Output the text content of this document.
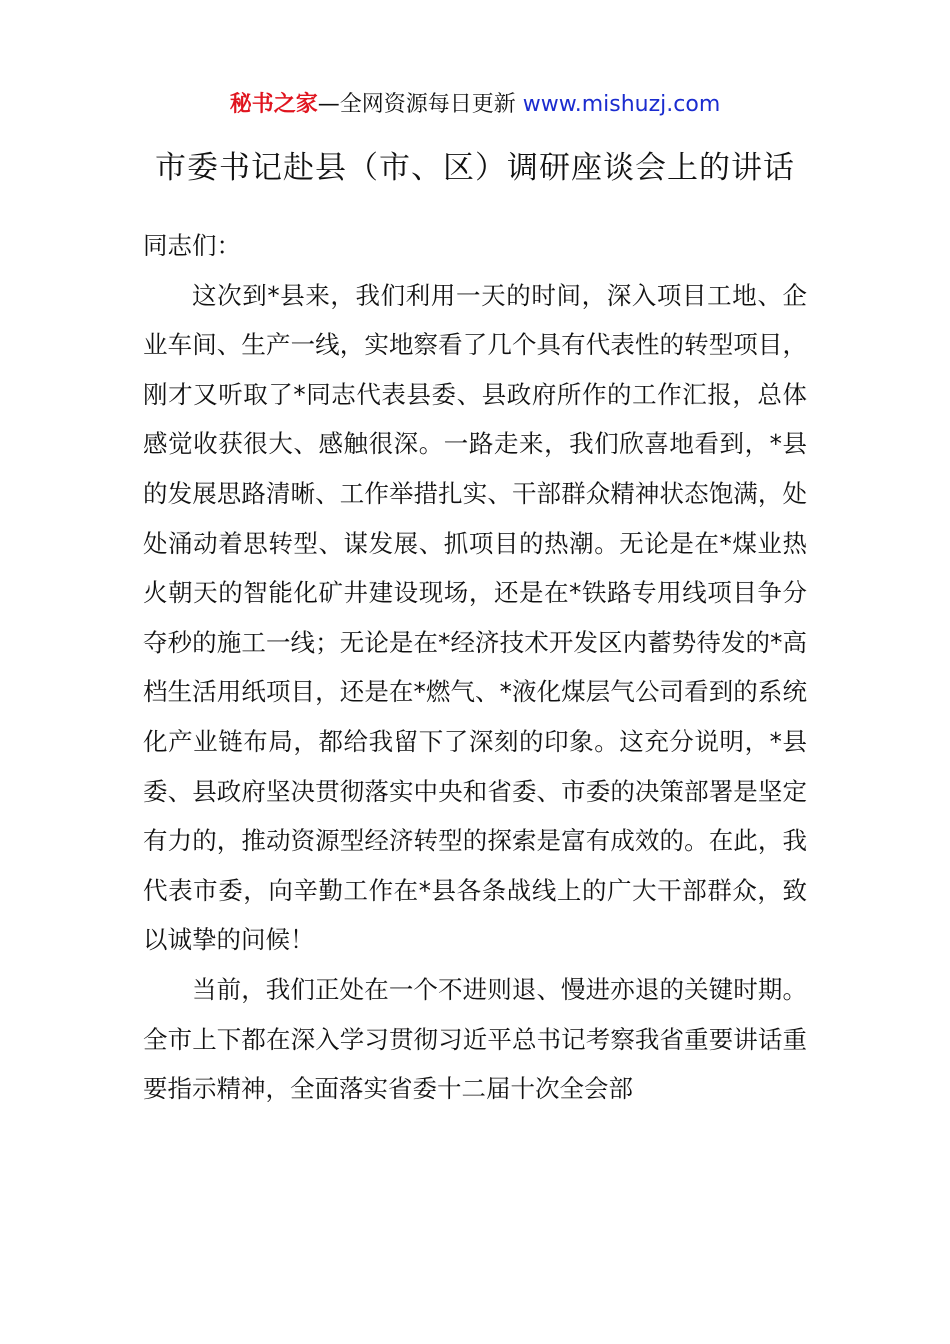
秘书之家—全网资源每日更新 www.mishuzj.com
市委书记赴县（市、区）调研座谈会上的讲话

同志们：

这次到*县来，我们利用一天的时间，深入项目工地、企业车间、生产一线，实地察看了几个具有代表性的转型项目，刚才又听取了*同志代表县委、县政府所作的工作汇报，总体感觉收获很大、感触很深。一路走来，我们欣喜地看到，*县的发展思路清晰、工作举措扎实、干部群众精神状态饱满，处处涌动着思转型、谋发展、抓项目的热潮。无论是在*煤业热火朝天的智能化矿井建设现场，还是在*铁路专用线项目争分夺秒的施工一线；无论是在*经济技术开发区内蓄势待发的*高档生活用纸项目，还是在*燃气、*液化煤层气公司看到的系统化产业链布局，都给我留下了深刻的印象。这充分说明，*县委、县政府坚决贯彻落实中央和省委、市委的决策部署是坚定有力的，推动资源型经济转型的探索是富有成效的。在此，我代表市委，向辛勤工作在*县各条战线上的广大干部群众，致以诚挚的问候！

当前，我们正处在一个不进则退、慢进亦退的关键时期。全市上下都在深入学习贯彻习近平总书记考察我省重要讲话重要指示精神，全面落实省委十二届十次全会部
